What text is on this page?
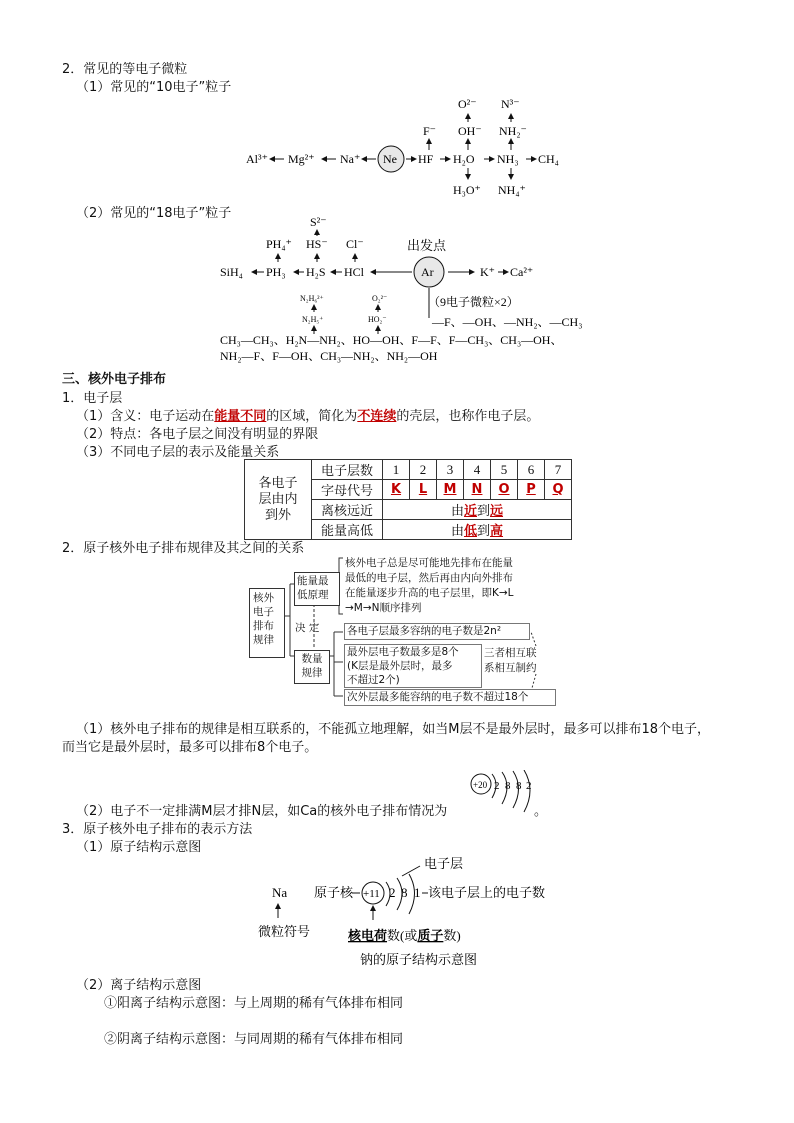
2．常见的等电子微粒
（1）常见的“10电子”粒子
Al³⁺ Mg²⁺ Na⁺ Ne HF H₂O NH₃ CH₄
F⁻ OH⁻
O²⁻
NH₂⁻
N³⁻
H₃O⁺ NH₄⁺
（2）常见的“18电子”粒子
SiH₄ PH₃ H₂S HCl	Ar
出发点
K⁺ Ca²⁺
PH₄⁺ HS⁻
S²⁻
Cl⁻
N₂H₆²⁺
N₂H₅⁺
O₂²⁻
HO₂⁻
（9电子微粒×2）
—F、—OH、—NH₂、—CH₃
CH₃—CH₃、H₂N—NH₂、HO—OH、F—F、F—CH₃、CH₃—OH、
NH₂—F、F—OH、CH₃—NH₂、NH₂—OH
三、核外电子排布
1．电子层
（1）含义：电子运动在能量不同的区域，简化为不连续的壳层，也称作电子层。
（2）特点：各电子层之间没有明显的界限
（3）不同电子层的表示及能量关系
各电子
层由内
到外	电子层数	1	2	3	4	5	6	7
	字母代号	K	L	M	N	O	P	Q
	离核远近	由近到远						
	能量高低	由低到高						
2．原子核外电子排布规律及其之间的关系
核外
电子
排布
规律
能量最
低原理
决 定
数量
规律
核外电子总是尽可能地先排布在能量
最低的电子层，然后再由内向外排布
在能量逐步升高的电子层里，即K→L
→M→N顺序排列
各电子层最多容纳的电子数是2n²
最外层电子数最多是8个
(K层是最外层时，最多
不超过2个)
次外层最多能容纳的电子数不超过18个
三者相互联
系相互制约
（1）核外电子排布的规律是相互联系的，不能孤立地理解，如当M层不是最外层时，最多可以排布18个电子，
而当它是最外层时，最多可以排布8个电子。
+20 2 8 8 2
（2）电子不一定排满M层才排N层，如Ca的核外电子排布情况为	。
3．原子核外电子排布的表示方法
（1）原子结构示意图
Na
微粒符号
原子核 +11 2 8 1
电子层
该电子层上的电子数
核电荷数(或质子数)
钠的原子结构示意图
（2）离子结构示意图
①阳离子结构示意图：与上周期的稀有气体排布相同
②阴离子结构示意图：与同周期的稀有气体排布相同
